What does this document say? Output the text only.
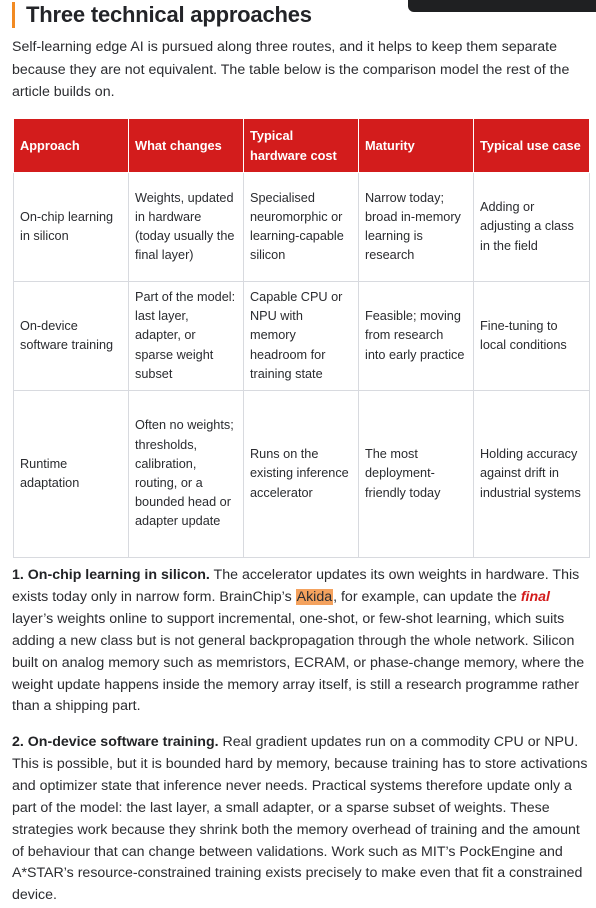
Three technical approaches

Self-learning edge AI is pursued along three routes, and it helps to keep them separate because they are not equivalent. The table below is the comparison model the rest of the article builds on.

Approach	What changes	Typical hardware cost	Maturity	Typical use case
On-chip learning in silicon	Weights, updated in hardware (today usually the final layer)	Specialised neuromorphic or learning-capable silicon	Narrow today; broad in-memory learning is research	Adding or adjusting a class in the field
On-device software training	Part of the model: last layer, adapter, or sparse weight subset	Capable CPU or NPU with memory headroom for training state	Feasible; moving from research into early practice	Fine-tuning to local conditions
Runtime adaptation	Often no weights; thresholds, calibration, routing, or a bounded head or adapter update	Runs on the existing inference accelerator	The most deployment-friendly today	Holding accuracy against drift in industrial systems

1. On-chip learning in silicon. The accelerator updates its own weights in hardware. This exists today only in narrow form. BrainChip’s Akida, for example, can update the final layer’s weights online to support incremental, one-shot, or few-shot learning, which suits adding a new class but is not general backpropagation through the whole network. Silicon built on analog memory such as memristors, ECRAM, or phase-change memory, where the weight update happens inside the memory array itself, is still a research programme rather than a shipping part.

2. On-device software training. Real gradient updates run on a commodity CPU or NPU. This is possible, but it is bounded hard by memory, because training has to store activations and optimizer state that inference never needs. Practical systems therefore update only a part of the model: the last layer, a small adapter, or a sparse subset of weights. These strategies work because they shrink both the memory overhead of training and the amount of behaviour that can change between validations. Work such as MIT’s PockEngine and A*STAR’s resource-constrained training exists precisely to make even that fit a constrained device.
